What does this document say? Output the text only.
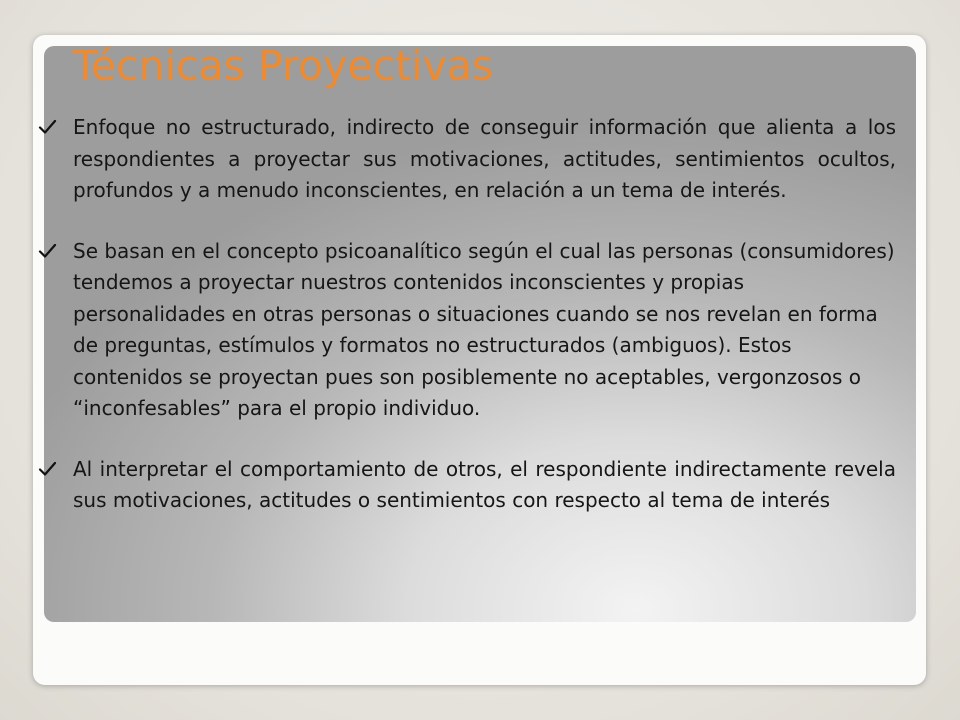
Técnicas Proyectivas
Enfoque no estructurado, indirecto de conseguir información que alienta a los respondientes a proyectar sus motivaciones, actitudes, sentimientos ocultos, profundos y a menudo inconscientes, en relación a un tema de interés.
Se basan en el concepto psicoanalítico según el cual las personas (consumidores) tendemos a proyectar nuestros contenidos inconscientes y propias personalidades en otras personas o situaciones cuando se nos revelan en forma de preguntas, estímulos y formatos no estructurados (ambiguos). Estos contenidos se proyectan pues son posiblemente no aceptables, vergonzosos o “inconfesables” para el propio individuo.
Al interpretar el comportamiento de otros, el respondiente indirectamente revela sus motivaciones, actitudes o sentimientos con respecto al tema de interés
